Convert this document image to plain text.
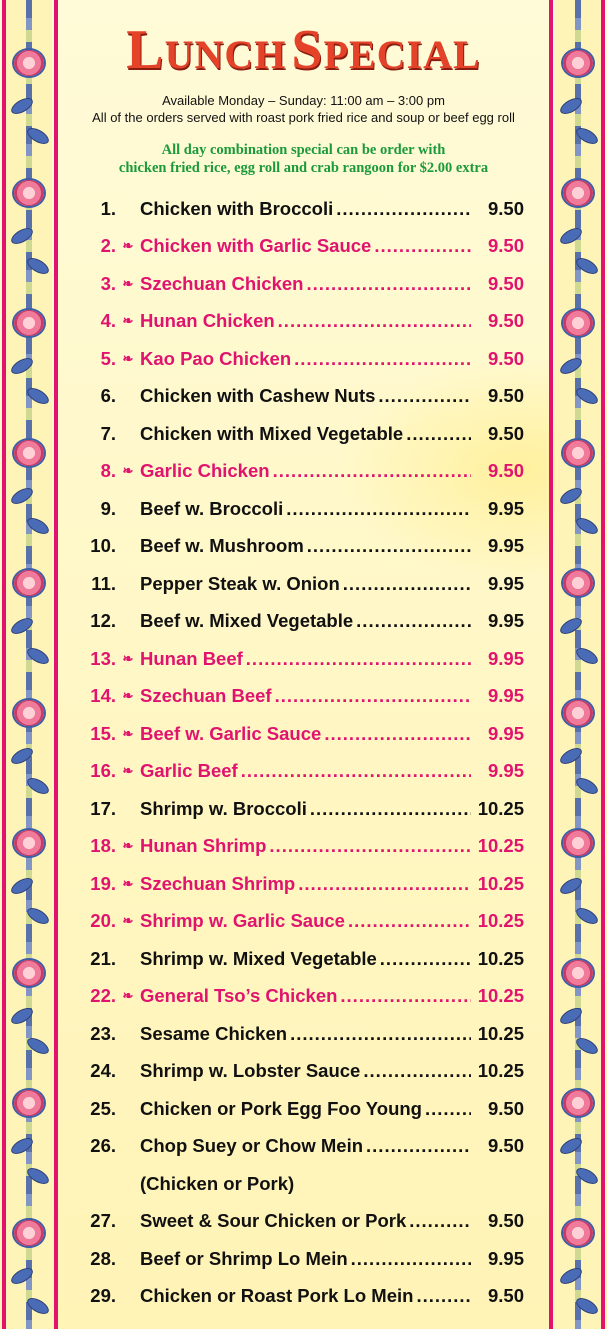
LUNCH SPECIAL
Available Monday – Sunday: 11:00 am – 3:00 pm
All of the orders served with roast pork fried rice and soup or beef egg roll
All day combination special can be order with
chicken fried rice, egg roll and crab rangoon for $2.00 extra
1. Chicken with Broccoli .....	9.50
2. ❧ Chicken with Garlic Sauce .....	9.50
3. ❧ Szechuan Chicken .....	9.50
4. ❧ Hunan Chicken .....	9.50
5. ❧ Kao Pao Chicken .....	9.50
6. Chicken with Cashew Nuts .....	9.50
7. Chicken with Mixed Vegetable .....	9.50
8. ❧ Garlic Chicken .....	9.50
9. Beef w. Broccoli .....	9.95
10. Beef w. Mushroom .....	9.95
11. Pepper Steak w. Onion .....	9.95
12. Beef w. Mixed Vegetable .....	9.95
13. ❧ Hunan Beef .....	9.95
14. ❧ Szechuan Beef .....	9.95
15. ❧ Beef w. Garlic Sauce .....	9.95
16. ❧ Garlic Beef .....	9.95
17. Shrimp w. Broccoli .....	10.25
18. ❧ Hunan Shrimp .....	10.25
19. ❧ Szechuan Shrimp .....	10.25
20. ❧ Shrimp w. Garlic Sauce .....	10.25
21. Shrimp w. Mixed Vegetable .....	10.25
22. ❧ General Tso’s Chicken .....	10.25
23. Sesame Chicken .....	10.25
24. Shrimp w. Lobster Sauce .....	10.25
25. Chicken or Pork Egg Foo Young .....	9.50
26. Chop Suey or Chow Mein .....	9.50
(Chicken or Pork)
27. Sweet & Sour Chicken or Pork .....	9.50
28. Beef or Shrimp Lo Mein .....	9.95
29. Chicken or Roast Pork Lo Mein .....	9.50
